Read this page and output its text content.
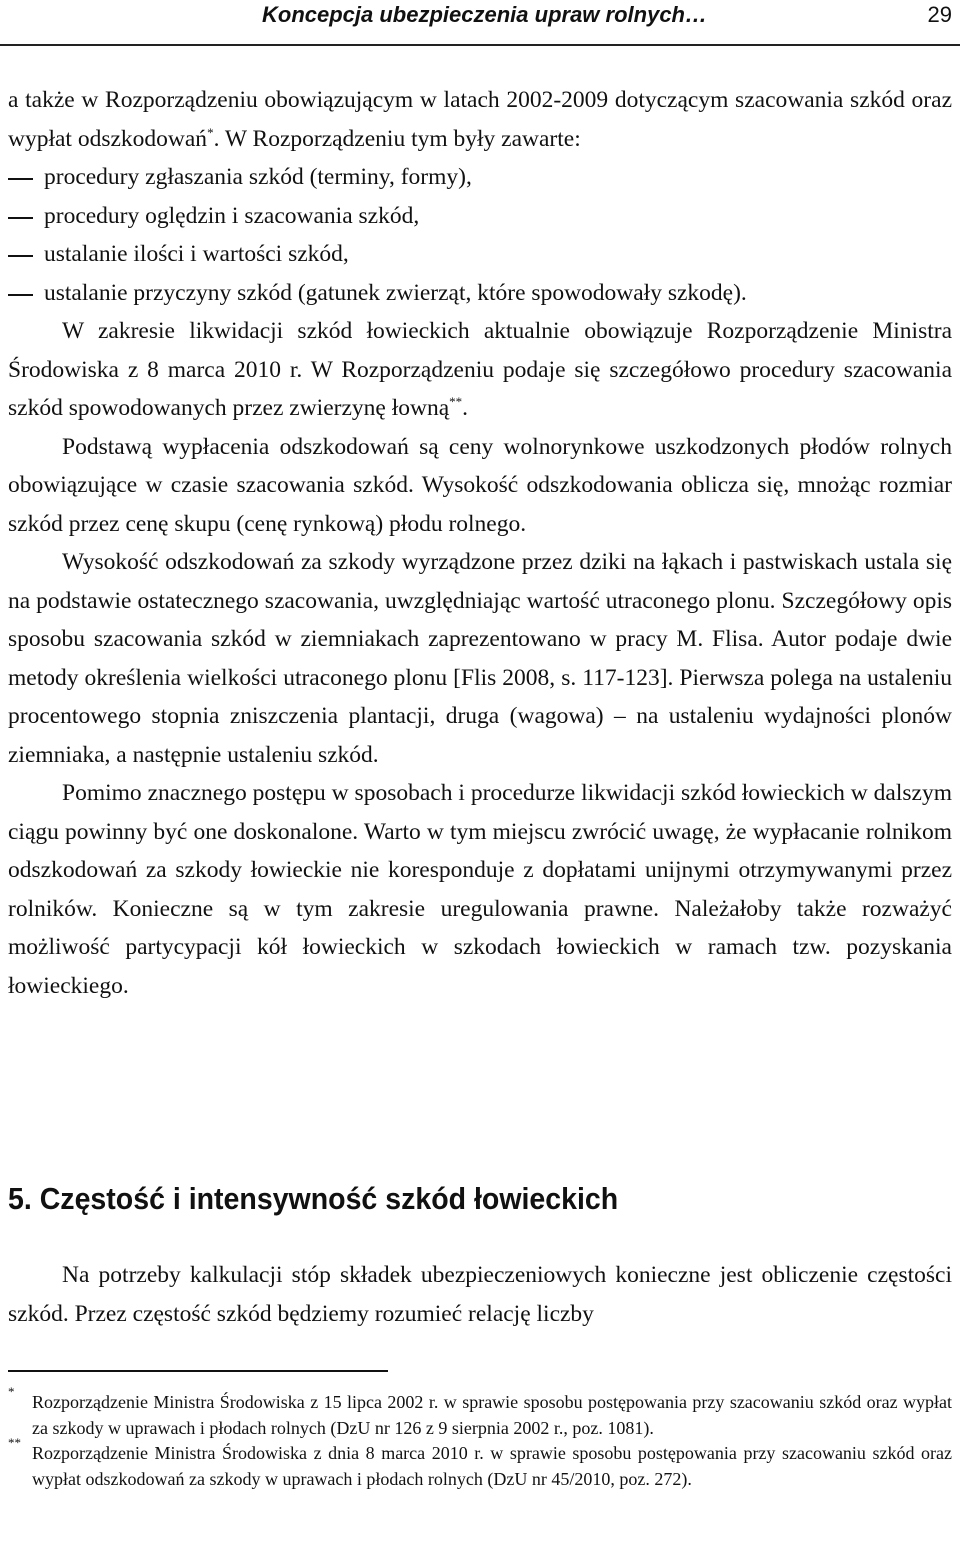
Koncepcja ubezpieczenia upraw rolnych…	29

a także w Rozporządzeniu obowiązującym w latach 2002-2009 dotyczącym szacowania szkód oraz wypłat odszkodowań*. W Rozporządzeniu tym były zawarte:

procedury zgłaszania szkód (terminy, formy),
procedury oględzin i szacowania szkód,
ustalanie ilości i wartości szkód,
ustalanie przyczyny szkód (gatunek zwierząt, które spowodowały szkodę).

W zakresie likwidacji szkód łowieckich aktualnie obowiązuje Rozporządzenie Ministra Środowiska z 8 marca 2010 r. W Rozporządzeniu podaje się szczegółowo procedury szacowania szkód spowodowanych przez zwierzynę łowną**.

Podstawą wypłacenia odszkodowań są ceny wolnorynkowe uszkodzonych płodów rolnych obowiązujące w czasie szacowania szkód. Wysokość odszkodowania oblicza się, mnożąc rozmiar szkód przez cenę skupu (cenę rynkową) płodu rolnego.

Wysokość odszkodowań za szkody wyrządzone przez dziki na łąkach i pastwiskach ustala się na podstawie ostatecznego szacowania, uwzględniając wartość utraconego plonu. Szczegółowy opis sposobu szacowania szkód w ziemniakach zaprezentowano w pracy M. Flisa. Autor podaje dwie metody określenia wielkości utraconego plonu [Flis 2008, s. 117-123]. Pierwsza polega na ustaleniu procentowego stopnia zniszczenia plantacji, druga (wagowa) – na ustaleniu wydajności plonów ziemniaka, a następnie ustaleniu szkód.

Pomimo znacznego postępu w sposobach i procedurze likwidacji szkód łowieckich w dalszym ciągu powinny być one doskonalone. Warto w tym miejscu zwrócić uwagę, że wypłacanie rolnikom odszkodowań za szkody łowieckie nie koresponduje z dopłatami unijnymi otrzymywanymi przez rolników. Konieczne są w tym zakresie uregulowania prawne. Należałoby także rozważyć możliwość partycypacji kół łowieckich w szkodach łowieckich w ramach tzw. pozyskania łowieckiego.

5. Częstość i intensywność szkód łowieckich

Na potrzeby kalkulacji stóp składek ubezpieczeniowych konieczne jest obliczenie częstości szkód. Przez częstość szkód będziemy rozumieć relację liczby

*
Rozporządzenie Ministra Środowiska z 15 lipca 2002 r. w sprawie sposobu postępowania przy szacowaniu szkód oraz wypłat za szkody w uprawach i płodach rolnych (DzU nr 126 z 9 sierpnia 2002 r., poz. 1081).
**
Rozporządzenie Ministra Środowiska z dnia 8 marca 2010 r. w sprawie sposobu postępowania przy szacowaniu szkód oraz wypłat odszkodowań za szkody w uprawach i płodach rolnych (DzU nr 45/2010, poz. 272).
